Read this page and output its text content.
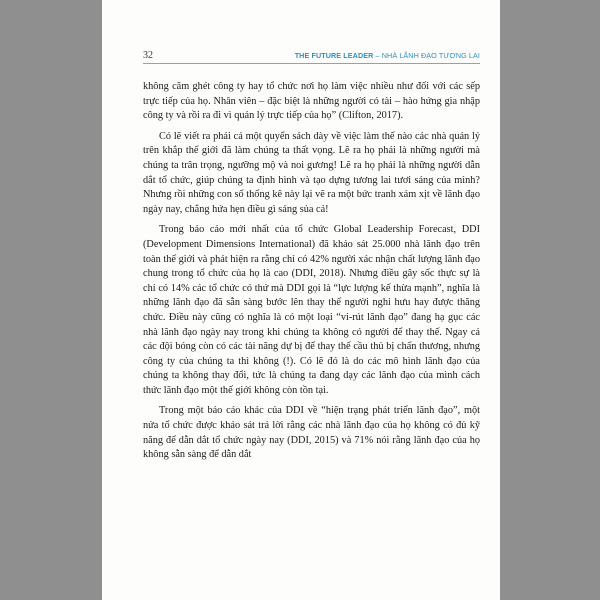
32	THE FUTURE LEADER – NHÀ LÃNH ĐẠO TƯƠNG LAI

không căm ghét công ty hay tổ chức nơi họ làm việc nhiều như đối với các sếp trực tiếp của họ. Nhân viên – đặc biệt là những người có tài – hào hứng gia nhập công ty và rồi ra đi vì quản lý trực tiếp của họ” (Clifton, 2017).

Có lẽ viết ra phải cả một quyển sách dày về việc làm thế nào các nhà quản lý trên khắp thế giới đã làm chúng ta thất vọng. Lẽ ra họ phải là những người mà chúng ta trân trọng, ngưỡng mộ và noi gương! Lẽ ra họ phải là những người dẫn dắt tổ chức, giúp chúng ta định hình và tạo dựng tương lai tươi sáng của mình? Nhưng rồi những con số thống kê này lại vẽ ra một bức tranh xám xịt về lãnh đạo ngày nay, chẳng hứa hẹn điều gì sáng sủa cả!

Trong báo cáo mới nhất của tổ chức Global Leadership Forecast, DDI (Development Dimensions International) đã khảo sát 25.000 nhà lãnh đạo trên toàn thế giới và phát hiện ra rằng chỉ có 42% người xác nhận chất lượng lãnh đạo chung trong tổ chức của họ là cao (DDI, 2018). Nhưng điều gây sốc thực sự là chỉ có 14% các tổ chức có thứ mà DDI gọi là “lực lượng kế thừa mạnh”, nghĩa là những lãnh đạo đã sẵn sàng bước lên thay thế người nghỉ hưu hay được thăng chức. Điều này cũng có nghĩa là có một loại “vi-rút lãnh đạo” đang hạ gục các nhà lãnh đạo ngày nay trong khi chúng ta không có người để thay thế. Ngay cả các đội bóng còn có các tài năng dự bị để thay thế cầu thủ bị chấn thương, nhưng công ty của chúng ta thì không (!). Có lẽ đó là do các mô hình lãnh đạo của chúng ta không thay đổi, tức là chúng ta đang dạy các lãnh đạo của mình cách thức lãnh đạo một thế giới không còn tồn tại.

Trong một báo cáo khác của DDI về “hiện trạng phát triển lãnh đạo”, một nửa tổ chức được khảo sát trả lời rằng các nhà lãnh đạo của họ không có đủ kỹ năng để dẫn dắt tổ chức ngày nay (DDI, 2015) và 71% nói rằng lãnh đạo của họ không sẵn sàng để dẫn dắt
